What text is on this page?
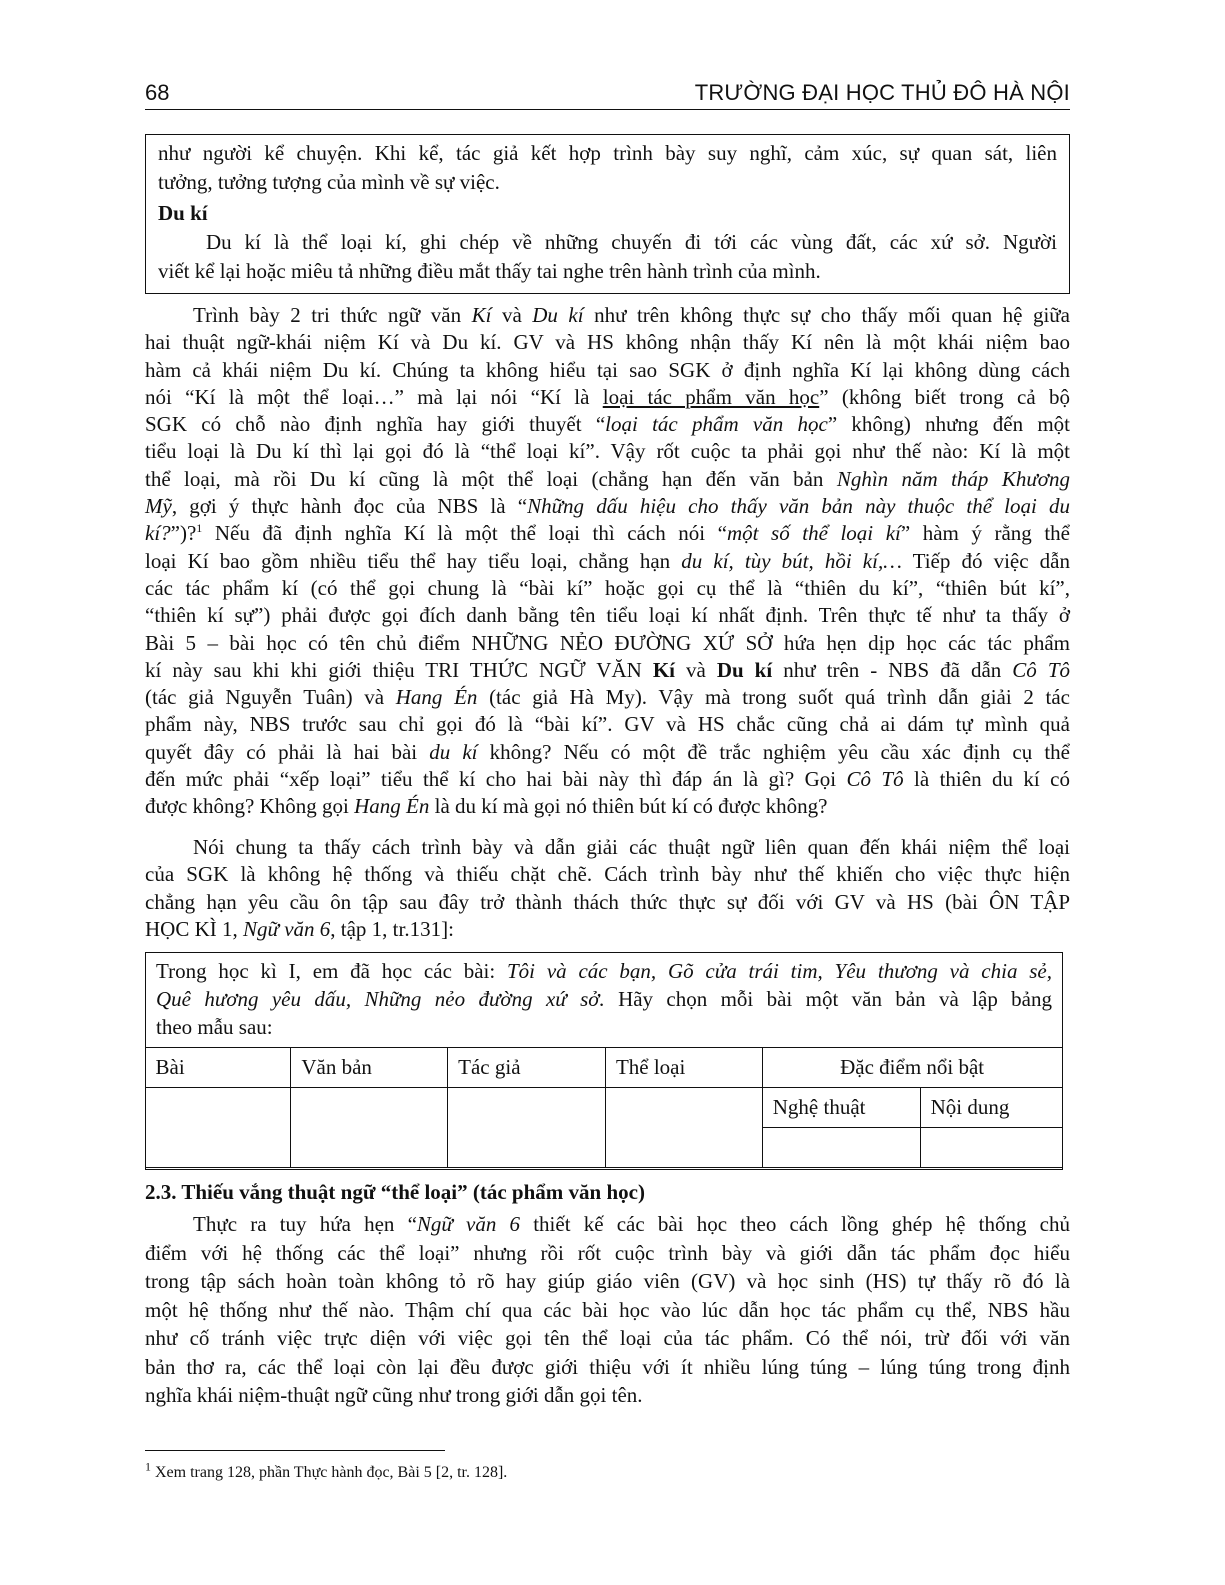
68	TRƯỜNG ĐẠI HỌC THỦ ĐÔ HÀ NỘI
như người kể chuyện. Khi kể, tác giả kết hợp trình bày suy nghĩ, cảm xúc, sự quan sát, liên
tưởng, tưởng tượng của mình về sự việc.
Du kí
Du kí là thể loại kí, ghi chép về những chuyến đi tới các vùng đất, các xứ sở. Người
viết kể lại hoặc miêu tả những điều mắt thấy tai nghe trên hành trình của mình.
Trình bày 2 tri thức ngữ văn Kí và Du kí như trên không thực sự cho thấy mối quan hệ giữa
hai thuật ngữ-khái niệm Kí và Du kí. GV và HS không nhận thấy Kí nên là một khái niệm bao
hàm cả khái niệm Du kí. Chúng ta không hiểu tại sao SGK ở định nghĩa Kí lại không dùng cách
nói “Kí là một thể loại…” mà lại nói “Kí là loại tác phẩm văn học” (không biết trong cả bộ
SGK có chỗ nào định nghĩa hay giới thuyết “loại tác phẩm văn học” không) nhưng đến một
tiểu loại là Du kí thì lại gọi đó là “thể loại kí”. Vậy rốt cuộc ta phải gọi như thế nào: Kí là một
thể loại, mà rồi Du kí cũng là một thể loại (chẳng hạn đến văn bản Nghìn năm tháp Khương
Mỹ, gợi ý thực hành đọc của NBS là “Những dấu hiệu cho thấy văn bản này thuộc thể loại du
kí?”)?$^1$ Nếu đã định nghĩa Kí là một thể loại thì cách nói “một số thể loại kí” hàm ý rằng thể
loại Kí bao gồm nhiều tiểu thể hay tiểu loại, chẳng hạn du kí, tùy bút, hồi kí,… Tiếp đó việc dẫn
các tác phẩm kí (có thể gọi chung là “bài kí” hoặc gọi cụ thể là “thiên du kí”, “thiên bút kí”,
“thiên kí sự”) phải được gọi đích danh bằng tên tiểu loại kí nhất định. Trên thực tế như ta thấy ở
Bài 5 – bài học có tên chủ điểm NHỮNG NẺO ĐƯỜNG XỨ SỞ hứa hẹn dịp học các tác phẩm
kí này sau khi khi giới thiệu TRI THỨC NGỮ VĂN Kí và Du kí như trên - NBS đã dẫn Cô Tô
(tác giả Nguyễn Tuân) và Hang Én (tác giả Hà My). Vậy mà trong suốt quá trình dẫn giải 2 tác
phẩm này, NBS trước sau chỉ gọi đó là “bài kí”. GV và HS chắc cũng chả ai dám tự mình quả
quyết đây có phải là hai bài du kí không? Nếu có một đề trắc nghiệm yêu cầu xác định cụ thể
đến mức phải “xếp loại” tiểu thể kí cho hai bài này thì đáp án là gì? Gọi Cô Tô là thiên du kí có
được không? Không gọi Hang Én là du kí mà gọi nó thiên bút kí có được không?
Nói chung ta thấy cách trình bày và dẫn giải các thuật ngữ liên quan đến khái niệm thể loại
của SGK là không hệ thống và thiếu chặt chẽ. Cách trình bày như thế khiến cho việc thực hiện
chẳng hạn yêu cầu ôn tập sau đây trở thành thách thức thực sự đối với GV và HS (bài ÔN TẬP
HỌC KÌ 1, Ngữ văn 6, tập 1, tr.131]:
Trong học kì I, em đã học các bài: Tôi và các bạn, Gõ cửa trái tim, Yêu thương và chia sẻ,
Quê hương yêu dấu, Những nẻo đường xứ sở. Hãy chọn mỗi bài một văn bản và lập bảng
theo mẫu sau:
Bài	Văn bản	Tác giả	Thể loại	Đặc điểm nổi bật	
				Nghệ thuật	Nội dung

2.3. Thiếu vắng thuật ngữ “thể loại” (tác phẩm văn học)
Thực ra tuy hứa hẹn “Ngữ văn 6 thiết kế các bài học theo cách lồng ghép hệ thống chủ
điểm với hệ thống các thể loại” nhưng rồi rốt cuộc trình bày và giới dẫn tác phẩm đọc hiểu
trong tập sách hoàn toàn không tỏ rõ hay giúp giáo viên (GV) và học sinh (HS) tự thấy rõ đó là
một hệ thống như thế nào. Thậm chí qua các bài học vào lúc dẫn học tác phẩm cụ thể, NBS hầu
như cố tránh việc trực diện với việc gọi tên thể loại của tác phẩm. Có thể nói, trừ đối với văn
bản thơ ra, các thể loại còn lại đều được giới thiệu với ít nhiều lúng túng – lúng túng trong định
nghĩa khái niệm-thuật ngữ cũng như trong giới dẫn gọi tên.
$^1$ Xem trang 128, phần Thực hành đọc, Bài 5 [2, tr. 128].
